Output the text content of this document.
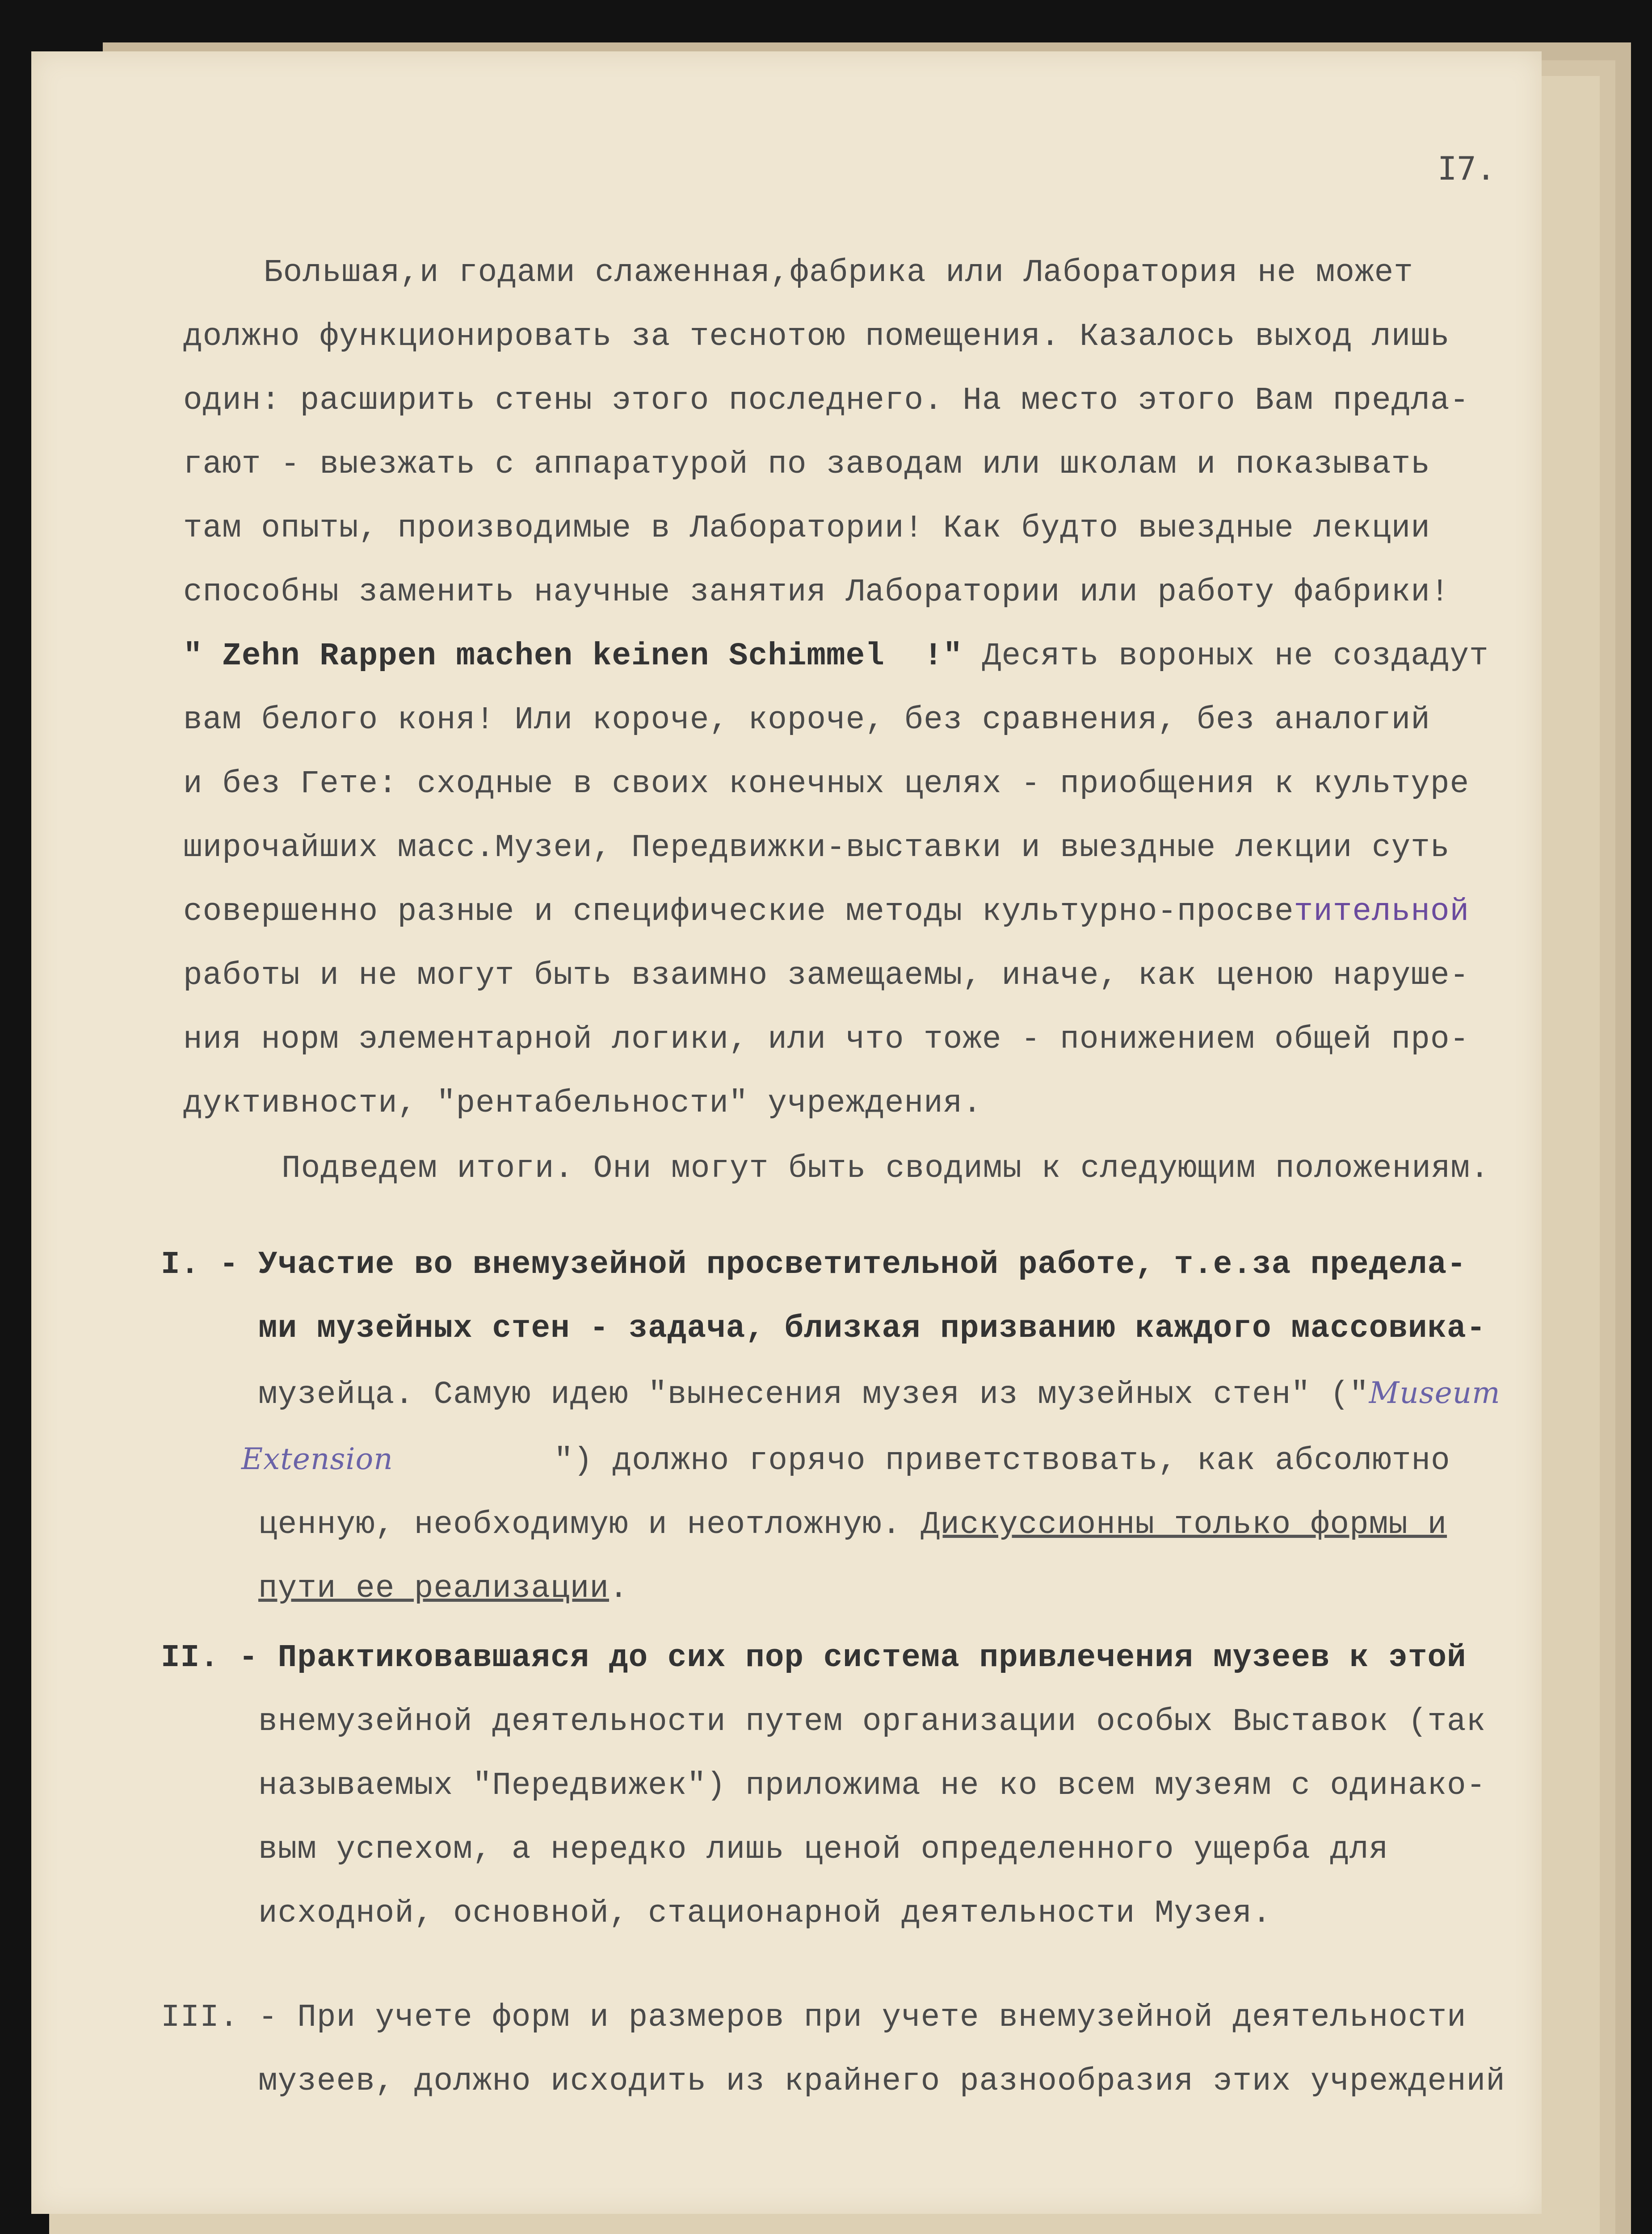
I7.
Большая,и годами слаженная,фабрика или Лаборатория не может
должно функционировать за теснотою помещения. Казалось выход лишь
один: расширить стены этого последнего. На место этого Вам предла-
гают - выезжать с аппаратурой по заводам или школам и показывать
там опыты, производимые в Лаборатории! Как будто выездные лекции
способны заменить научные занятия Лаборатории или работу фабрики!
" Zehn Rappen machen keinen Schimmel  !" Десять вороных не создадут
вам белого коня! Или короче, короче, без сравнения, без аналогий
и без Гете: сходные в своих конечных целях - приобщения к культуре
широчайших масс.Музеи, Передвижки-выставки и выездные лекции суть
совершенно разные и специфические методы культурно-просветительной
работы и не могут быть взаимно замещаемы, иначе, как ценою наруше-
ния норм элементарной логики, или что тоже - понижением общей про-
дуктивности, "рентабельности" учреждения.
Подведем итоги. Они могут быть сводимы к следующим положениям.
I. - Участие во внемузейной просветительной работе, т.е.за предела-
ми музейных стен - задача, близкая призванию каждого массовика-
музейца. Самую идею "вынесения музея из музейных стен" ("Museum
Extension	") должно горячо приветствовать, как абсолютно
ценную, необходимую и неотложную. Дискуссионны только формы и
пути ее реализации.
II. - Практиковавшаяся до сих пор система привлечения музеев к этой
внемузейной деятельности путем организации особых Выставок (так
называемых "Передвижек") приложима не ко всем музеям с одинако-
вым успехом, а нередко лишь ценой определенного ущерба для
исходной, основной, стационарной деятельности Музея.
III. - При учете форм и размеров при учете внемузейной деятельности
музеев, должно исходить из крайнего разнообразия этих учреждений
